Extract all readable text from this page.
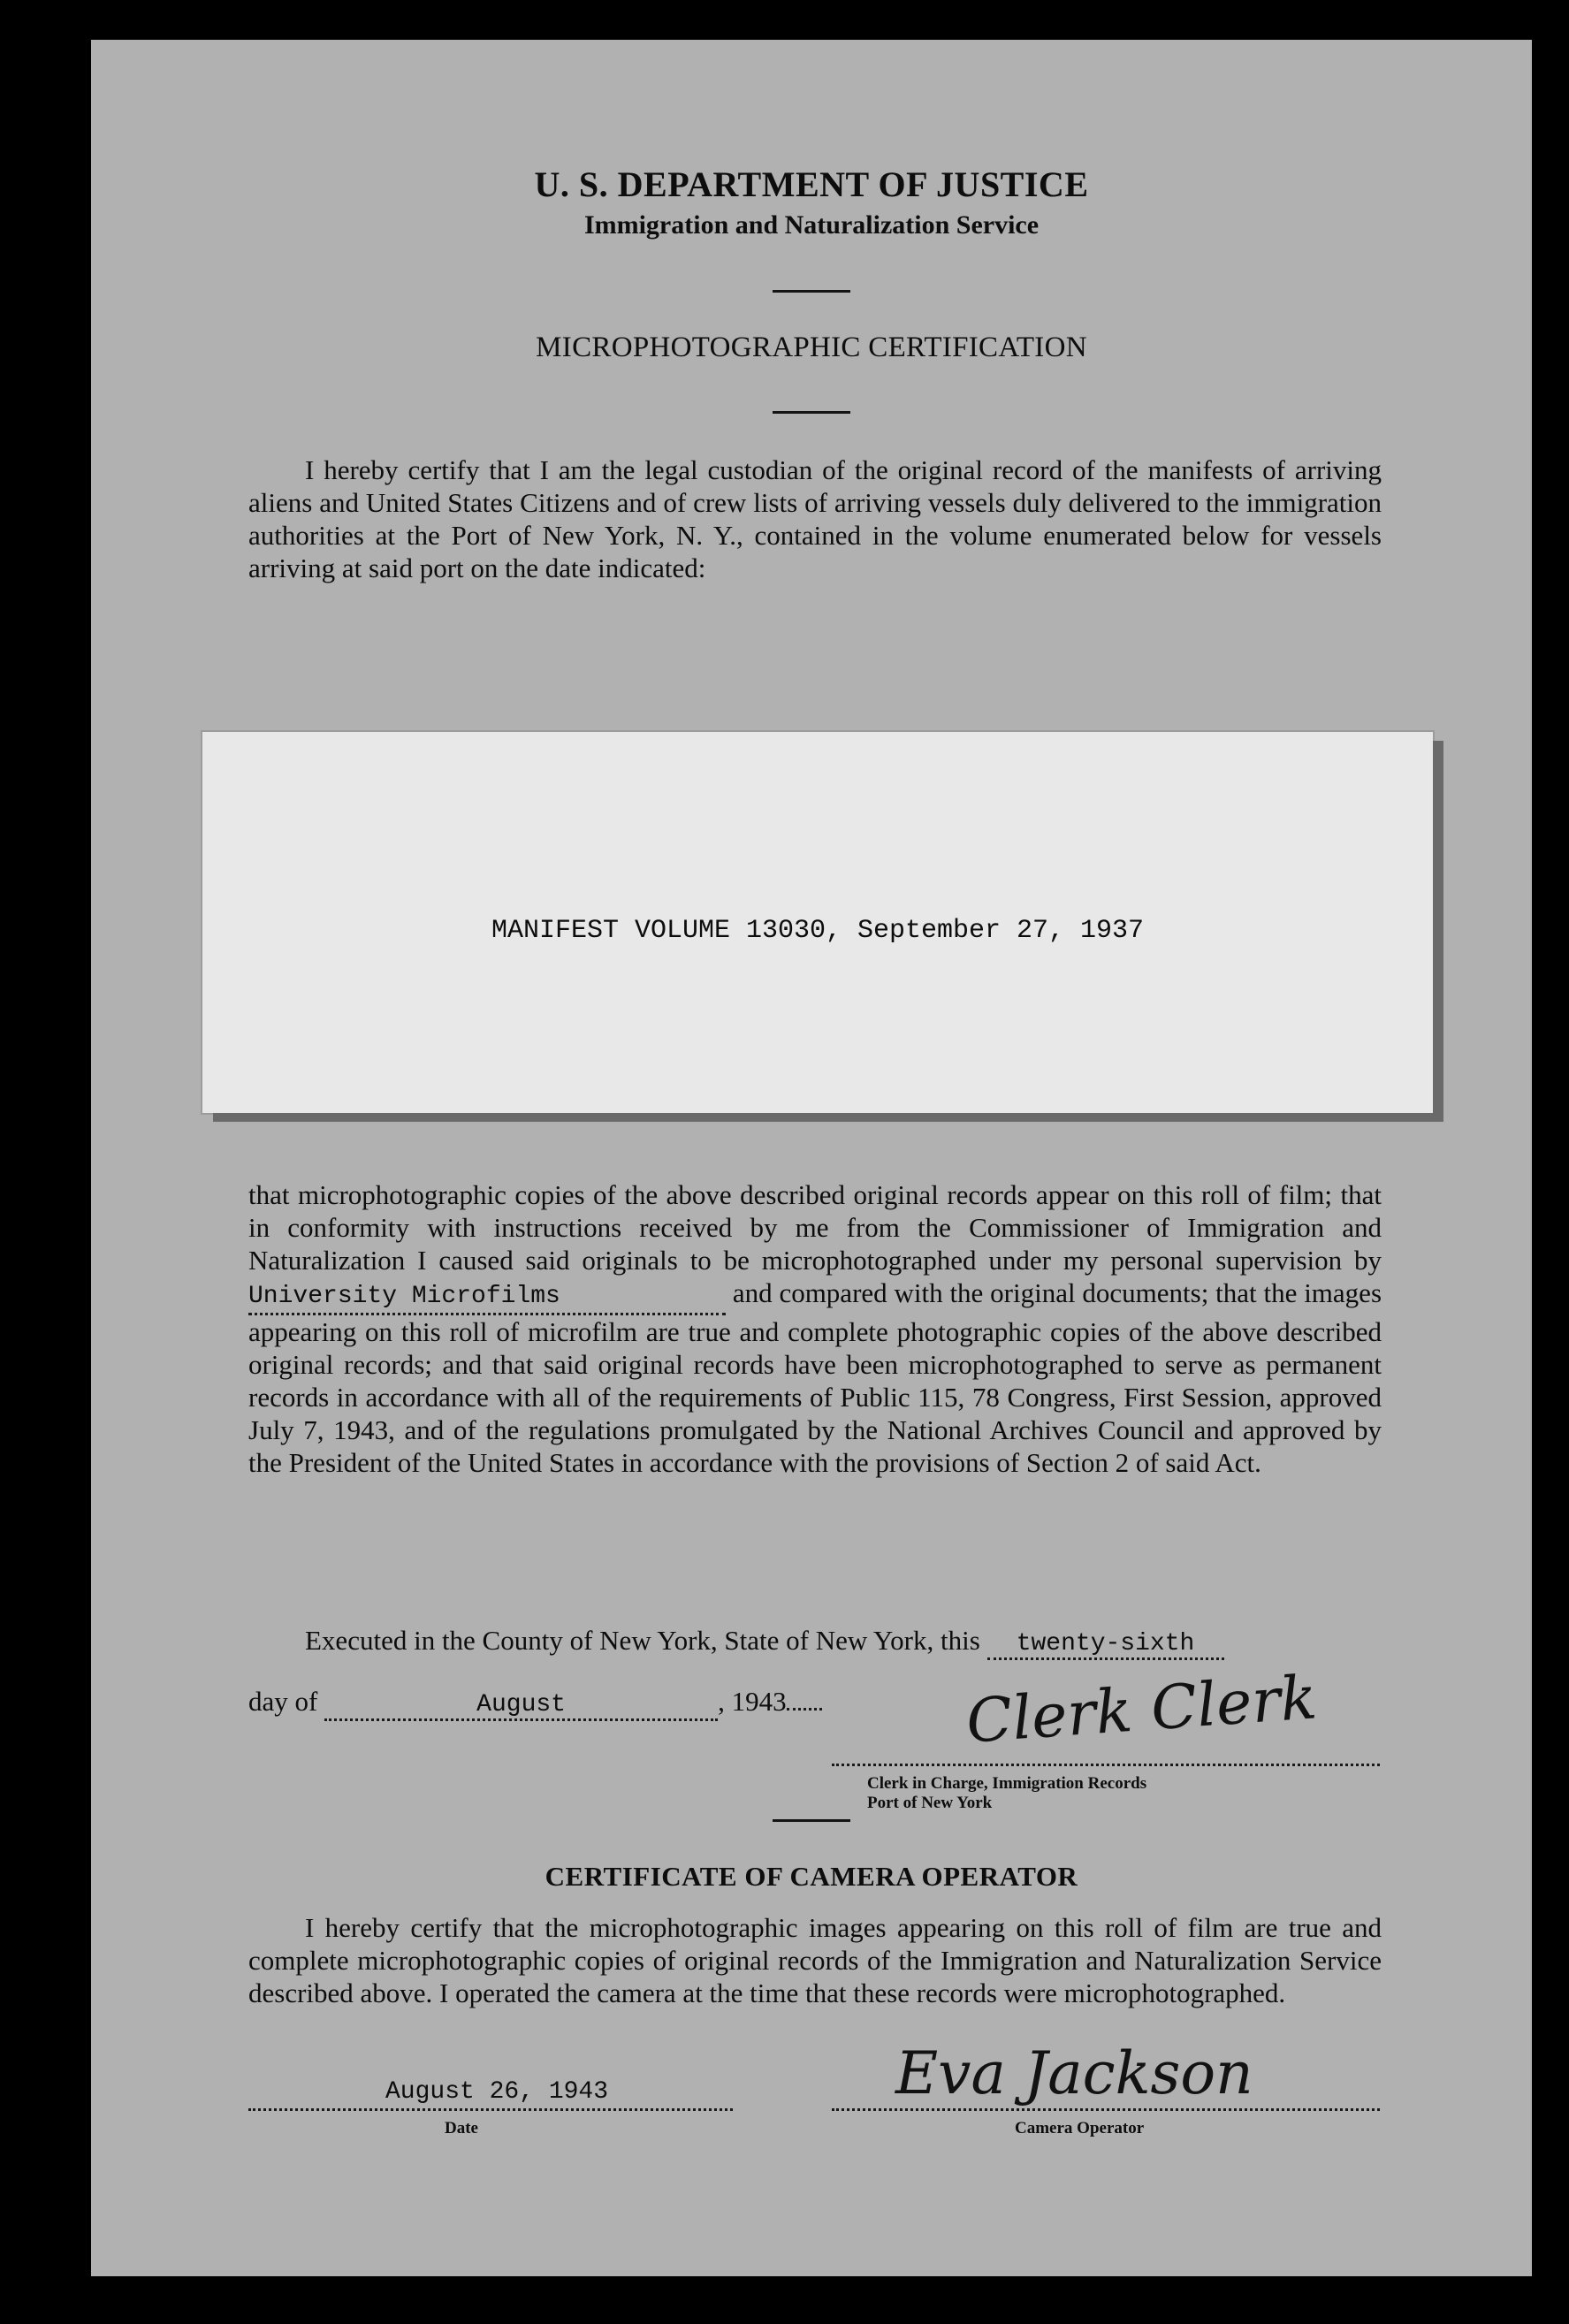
U. S. DEPARTMENT OF JUSTICE
Immigration and Naturalization Service
MICROPHOTOGRAPHIC CERTIFICATION
I hereby certify that I am the legal custodian of the original record of the manifests of arriving aliens and United States Citizens and of crew lists of arriving vessels duly delivered to the immigration authorities at the Port of New York, N. Y., contained in the volume enumerated below for vessels arriving at said port on the date indicated:
MANIFEST VOLUME 13030, September 27, 1937
that microphotographic copies of the above described original records appear on this roll of film; that in conformity with instructions received by me from the Commissioner of Immigration and Naturalization I caused said originals to be microphotographed under my personal supervision by University Microfilms	and compared with the original documents; that the images appearing on this roll of microfilm are true and complete photographic copies of the above described original records; and that said original records have been microphotographed to serve as permanent records in accordance with all of the requirements of Public 115, 78 Congress, First Session, approved July 7, 1943, and of the regulations promulgated by the National Archives Council and approved by the President of the United States in accordance with the provisions of Section 2 of said Act.
Executed in the County of New York, State of New York, this twenty-sixth
day of	August	, 1943	Clerk Clerk
Clerk in Charge, Immigration Records
Port of New York
CERTIFICATE OF CAMERA OPERATOR
I hereby certify that the microphotographic images appearing on this roll of film are true and complete microphotographic copies of original records of the Immigration and Naturalization Service described above. I operated the camera at the time that these records were microphotographed.
August 26, 1943
Date
Eva Jackson
Camera Operator
